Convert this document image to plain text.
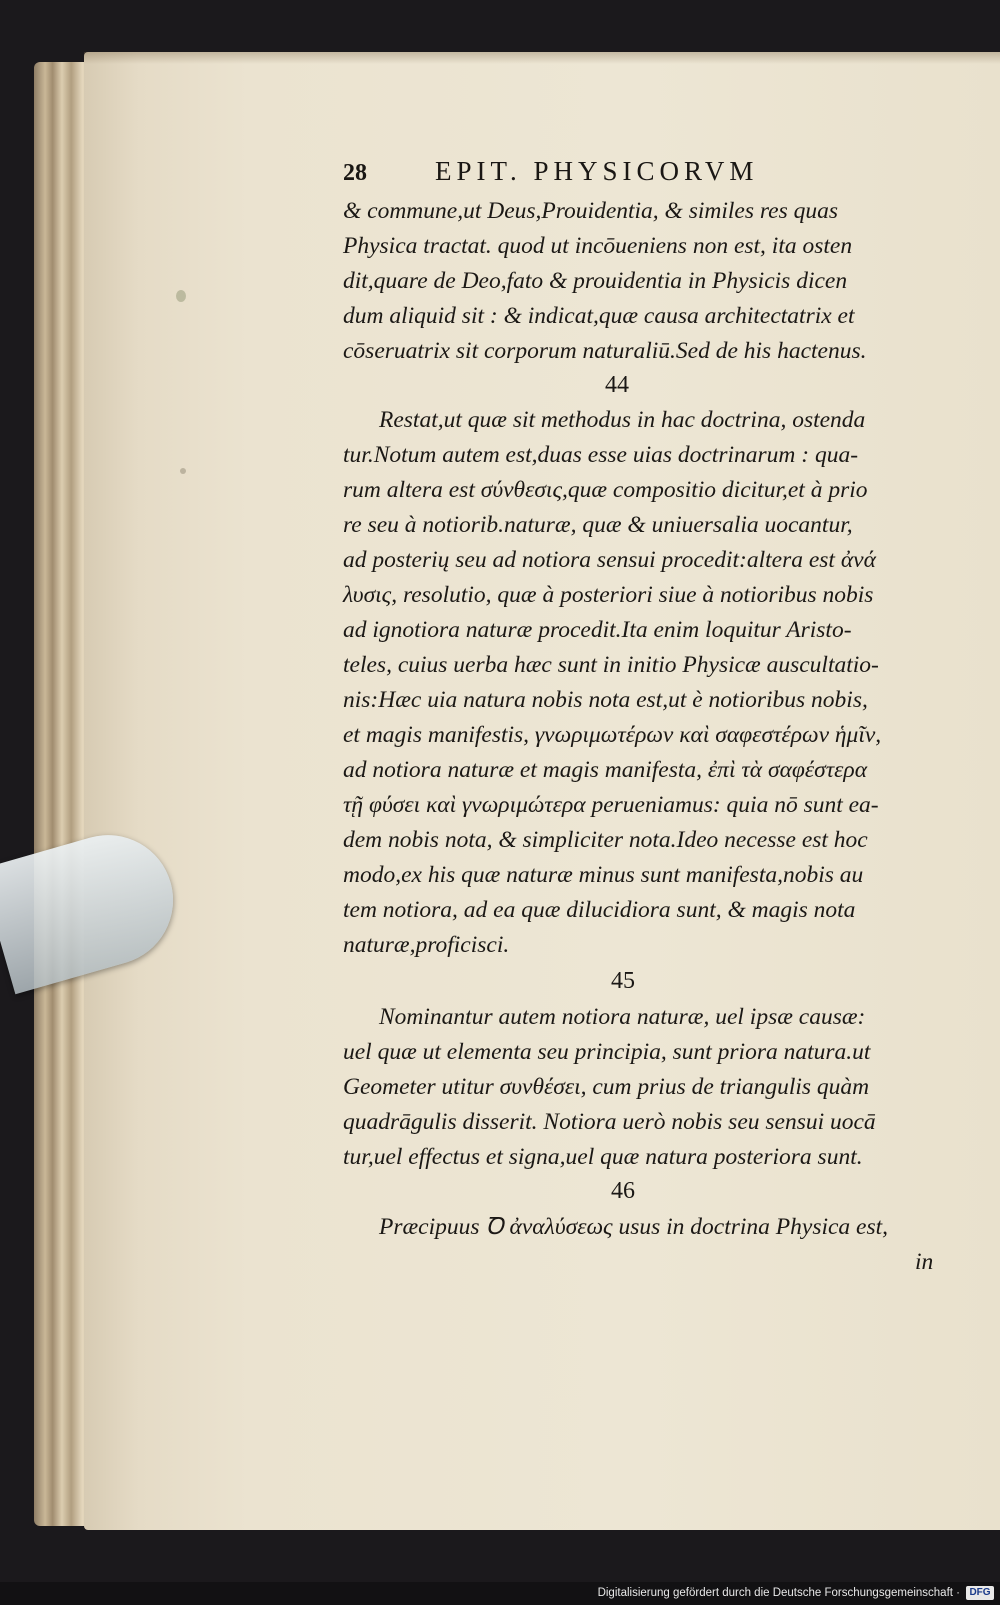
28	EPIT. PHYSICORVM
& commune,ut Deus,Prouidentia, & similes res quas
Physica tractat. quod ut incōueniens non est, ita osten
dit,quare de Deo,fato & prouidentia in Physicis dicen
dum aliquid sit : & indicat,quæ causa architectatrix et
cōseruatrix sit corporum naturaliū.Sed de his hactenus.
44
Restat,ut quæ sit methodus in hac doctrina, ostenda
tur.Notum autem est,duas esse uias doctrinarum : qua-
rum altera est σύνθεσις,quæ compositio dicitur,et à prio
re seu à notiorib.naturæ, quæ & uniuersalia uocantur,
ad posterių seu ad notiora sensui procedit:altera est ἀνά
λυσις, resolutio, quæ à posteriori siue à notioribus nobis
ad ignotiora naturæ procedit.Ita enim loquitur Aristo-
teles, cuius uerba hæc sunt in initio Physicæ auscultatio-
nis:Hæc uia natura nobis nota est,ut è notioribus nobis,
et magis manifestis, γνωριμωτέρων καὶ σαφεστέρων ἡμῖν,
ad notiora naturæ et magis manifesta, ἐπὶ τὰ σαφέστερα
τῇ φύσει καὶ γνωριμώτερα perueniamus: quia nō sunt ea-
dem nobis nota, & simpliciter nota.Ideo necesse est hoc
modo,ex his quæ naturæ minus sunt manifesta,nobis au
tem notiora, ad ea quæ dilucidiora sunt, & magis nota
naturæ,proficisci.
45
Nominantur autem notiora naturæ, uel ipsæ causæ:
uel quæ ut elementa seu principia, sunt priora natura.ut
Geometer utitur συνθέσει, cum prius de triangulis quàm
quadrāgulis disserit. Notiora uerò nobis seu sensui uocā
tur,uel effectus et signa,uel quæ natura posteriora sunt.
46
Præcipuus Ꝺ ἀναλύσεως usus in doctrina Physica est,
in
Digitalisierung gefördert durch die Deutsche Forschungsgemeinschaft · DFG
